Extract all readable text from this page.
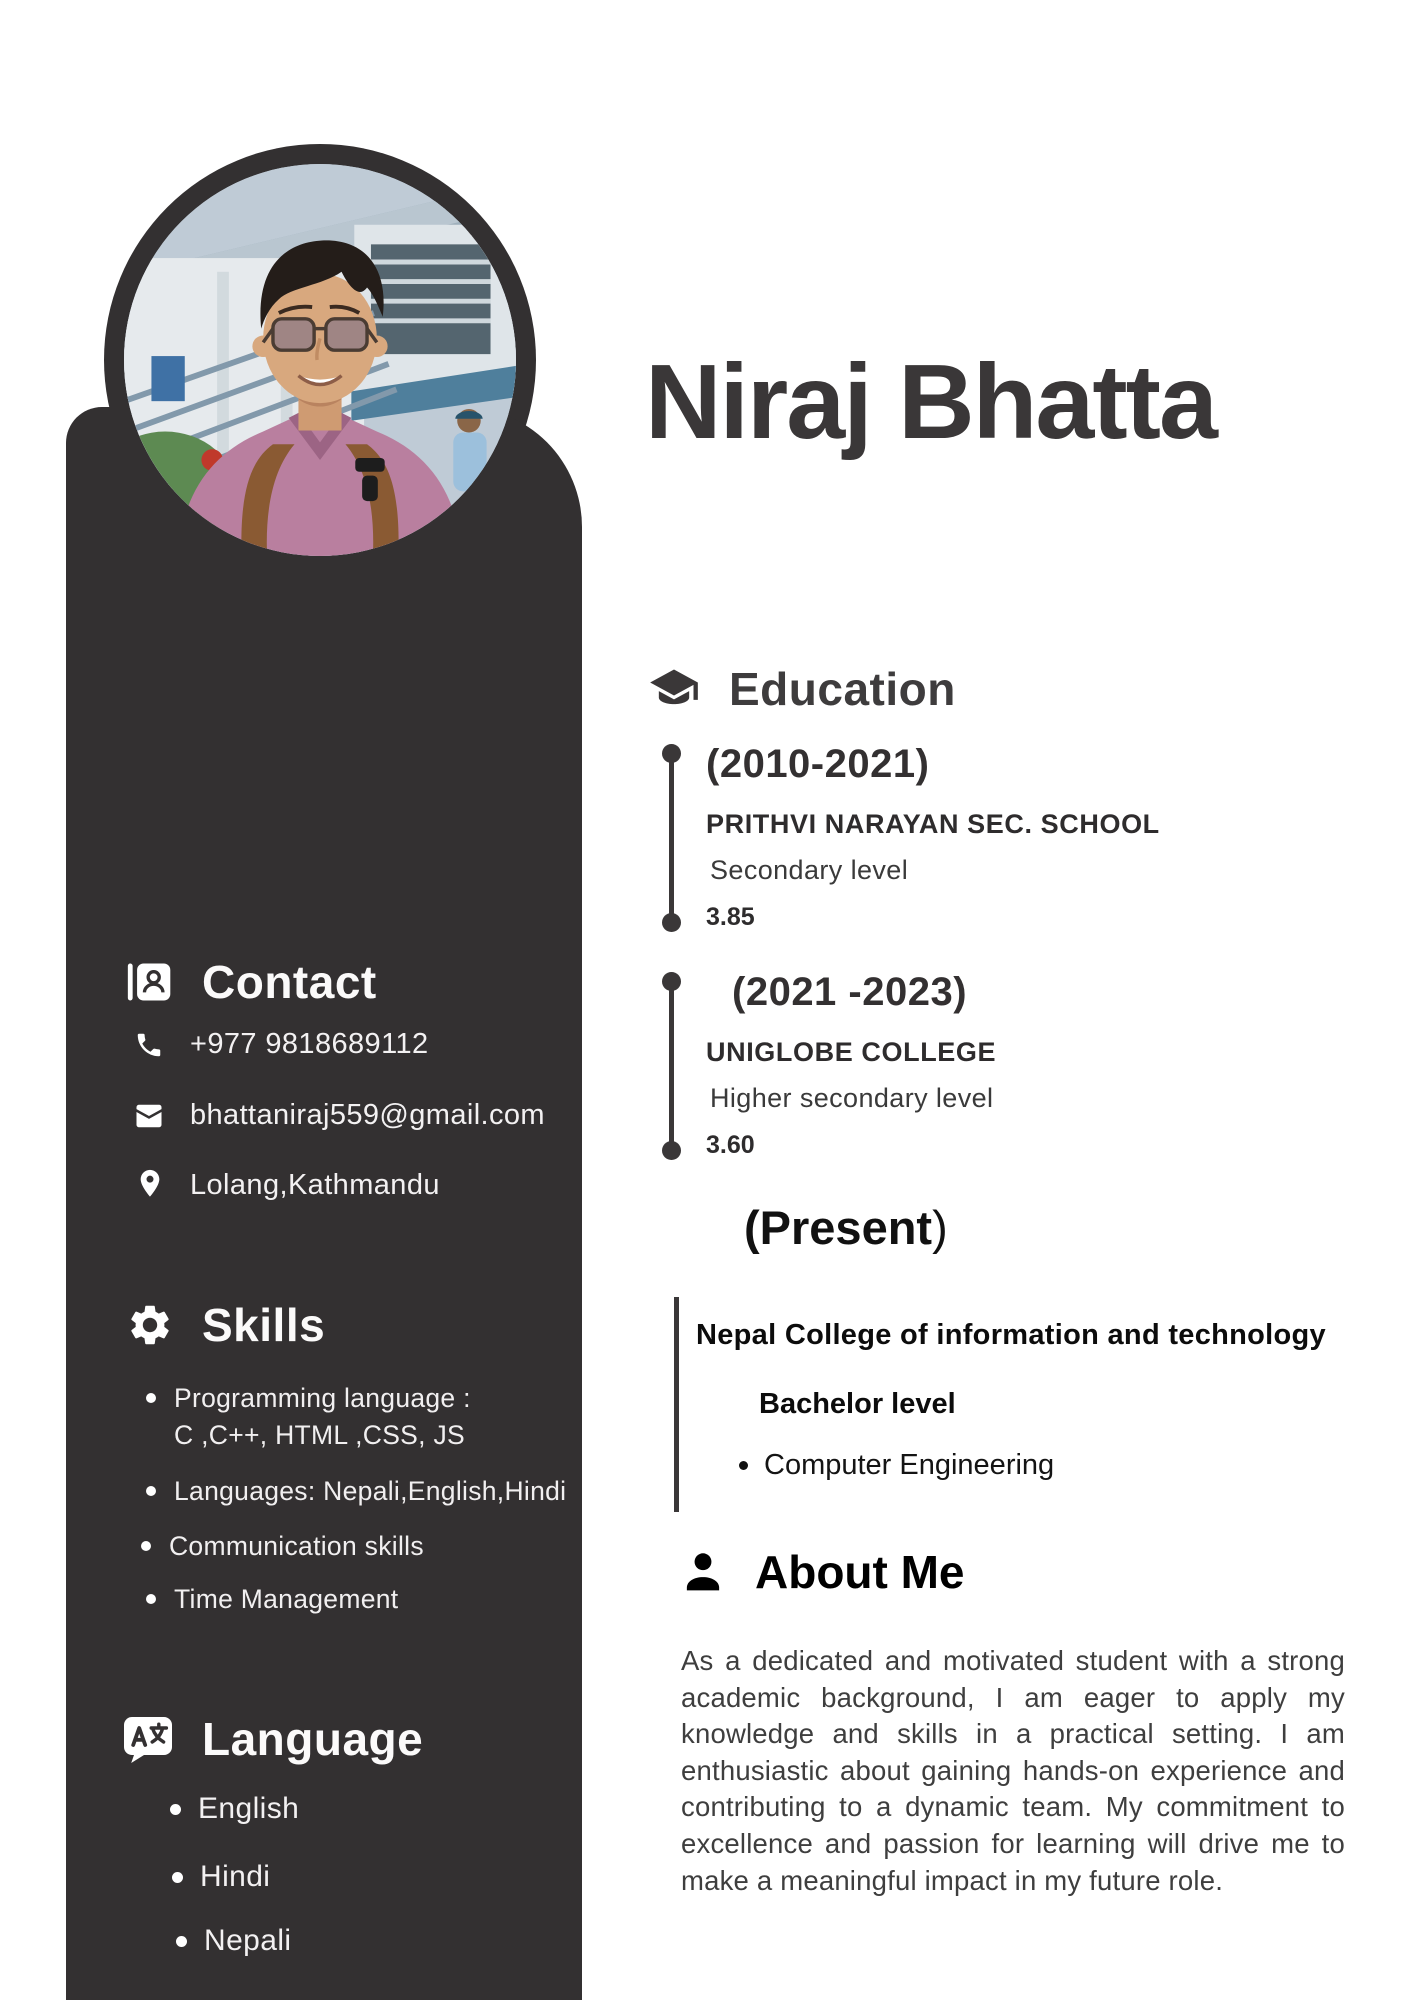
Niraj Bhatta
Education
(2010-2021)
PRITHVI NARAYAN SEC. SCHOOL
Secondary level
3.85
(2021 -2023)
UNIGLOBE COLLEGE
Higher secondary level
3.60
(Present)
Nepal College of information and technology
Bachelor level
Computer Engineering
About Me
As a dedicated and motivated student with a strong academic background, I am eager to apply my knowledge and skills in a practical setting. I am enthusiastic about gaining hands-on experience and contributing to a dynamic team. My commitment to excellence and passion for learning will drive me to make a meaningful impact in my future role.
Contact
+977 9818689112
bhattaniraj559@gmail.com
Lolang,Kathmandu
Skills
Programming language :
C ,C++, HTML ,CSS, JS
Languages: Nepali,English,Hindi
Communication skills
Time Management
Language
English
Hindi
Nepali
